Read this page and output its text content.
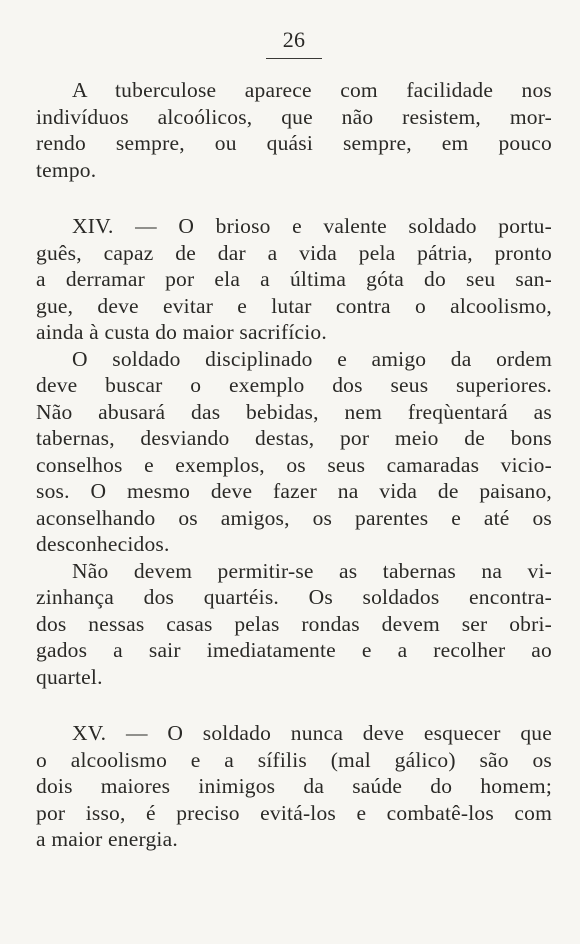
26
A tuberculose aparece com facilidade nos
indivíduos alcoólicos, que não resistem, mor-
rendo sempre, ou quási sempre, em pouco
tempo.
XIV. — O brioso e valente soldado portu-
guês, capaz de dar a vida pela pátria, pronto
a derramar por ela a última góta do seu san-
gue, deve evitar e lutar contra o alcoolismo,
ainda à custa do maior sacrifício.
O soldado disciplinado e amigo da ordem
deve buscar o exemplo dos seus superiores.
Não abusará das bebidas, nem freqùentará as
tabernas, desviando destas, por meio de bons
conselhos e exemplos, os seus camaradas vicio-
sos. O mesmo deve fazer na vida de paisano,
aconselhando os amigos, os parentes e até os
desconhecidos.
Não devem permitir-se as tabernas na vi-
zinhança dos quartéis. Os soldados encontra-
dos nessas casas pelas rondas devem ser obri-
gados a sair imediatamente e a recolher ao
quartel.
XV. — O soldado nunca deve esquecer que
o alcoolismo e a sífilis (mal gálico) são os
dois maiores inimigos da saúde do homem;
por isso, é preciso evitá-los e combatê-los com
a maior energia.
